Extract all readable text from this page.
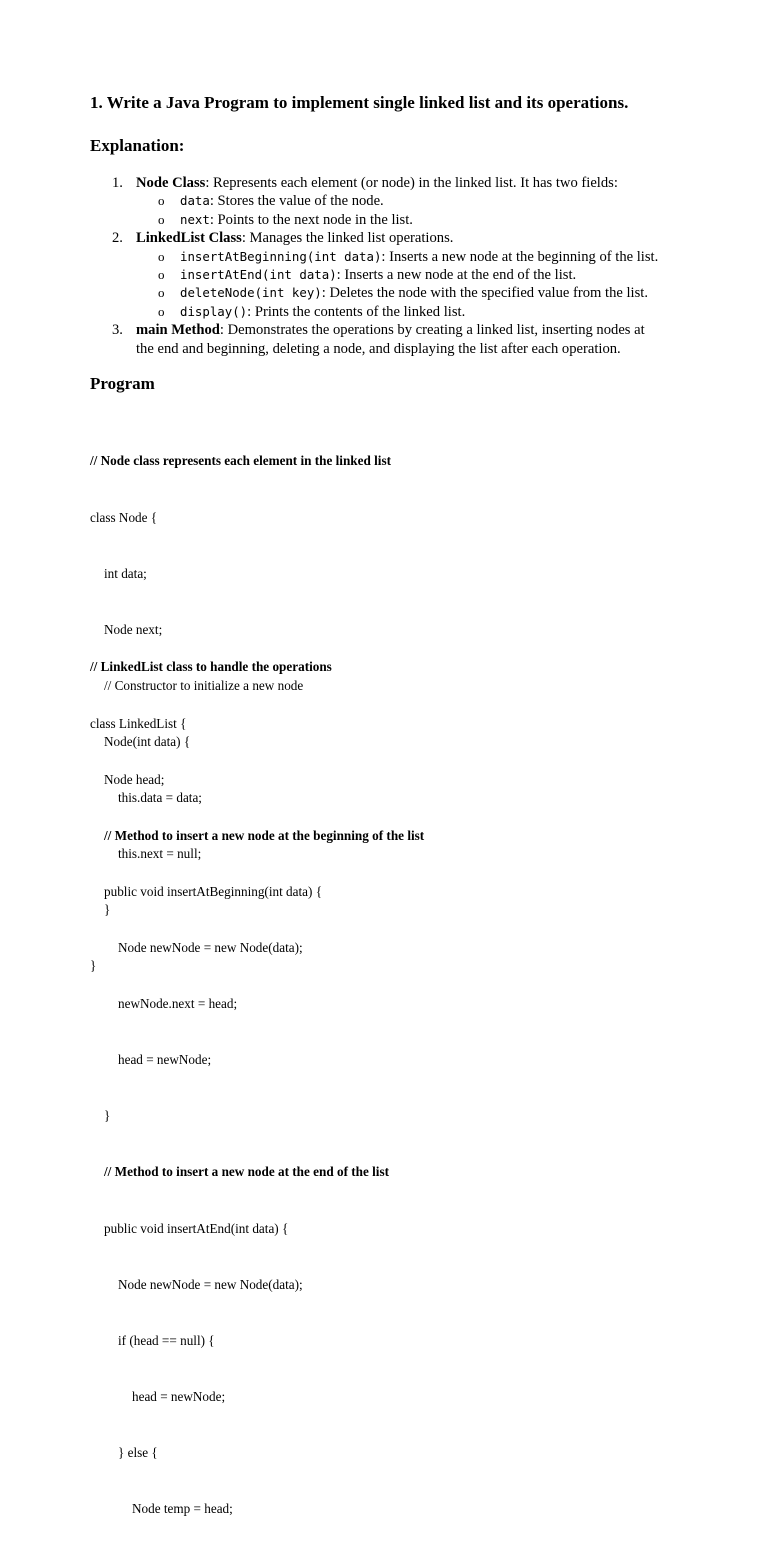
1. Write a Java Program to implement single linked list and its operations.
Explanation:
1. Node Class: Represents each element (or node) in the linked list. It has two fields:
o data: Stores the value of the node.
o next: Points to the next node in the list.
2. LinkedList Class: Manages the linked list operations.
o insertAtBeginning(int data): Inserts a new node at the beginning of the list.
o insertAtEnd(int data): Inserts a new node at the end of the list.
o deleteNode(int key): Deletes the node with the specified value from the list.
o display(): Prints the contents of the linked list.
3. main Method: Demonstrates the operations by creating a linked list, inserting nodes at
the end and beginning, deleting a node, and displaying the list after each operation.
Program

// Node class represents each element in the linked list

class Node {

int data;

Node next;

// Constructor to initialize a new node

Node(int data) {

this.data = data;

this.next = null;

}

}

// LinkedList class to handle the operations

class LinkedList {

Node head;

// Method to insert a new node at the beginning of the list

public void insertAtBeginning(int data) {

Node newNode = new Node(data);

newNode.next = head;

head = newNode;

}

// Method to insert a new node at the end of the list

public void insertAtEnd(int data) {

Node newNode = new Node(data);

if (head == null) {

head = newNode;

} else {

Node temp = head;
